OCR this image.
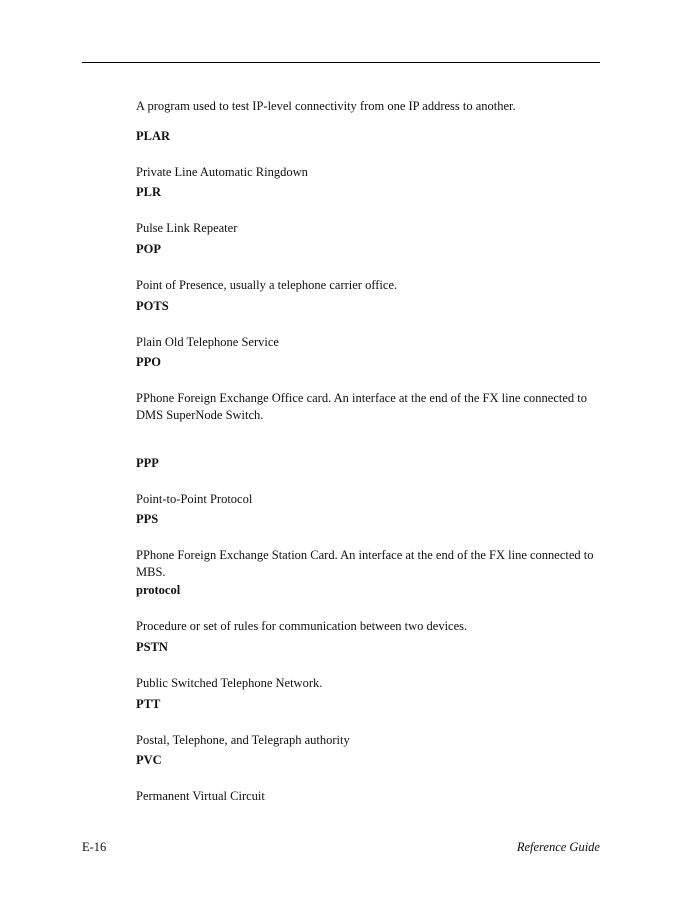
A program used to test IP-level connectivity from one IP address to another.

PLAR

Private Line Automatic Ringdown

PLR

Pulse Link Repeater

POP

Point of Presence, usually a telephone carrier office.

POTS

Plain Old Telephone Service

PPO

PPhone Foreign Exchange Office card. An interface at the end of the FX line connected to DMS SuperNode Switch.

PPP

Point-to-Point Protocol

PPS

PPhone Foreign Exchange Station Card. An interface at the end of the FX line connected to MBS.

protocol

Procedure or set of rules for communication between two devices.

PSTN

Public Switched Telephone Network.

PTT

Postal, Telephone, and Telegraph authority

PVC

Permanent Virtual Circuit

E-16	Reference Guide
